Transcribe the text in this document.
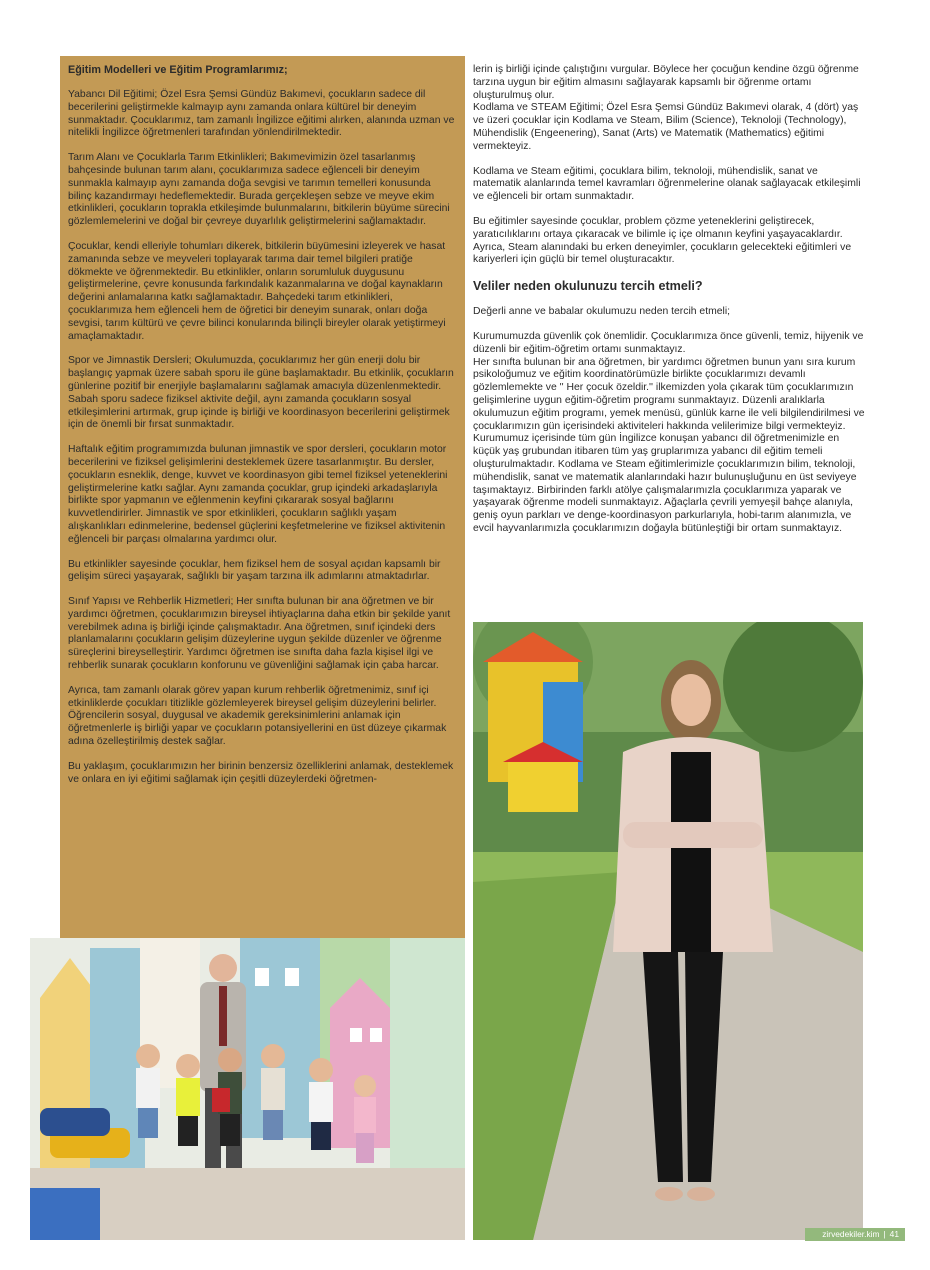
Eğitim Modelleri ve Eğitim Programlarımız;

Yabancı Dil Eğitimi; Özel Esra Şemsi Gündüz Bakımevi, çocukların sadece dil becerilerini geliştirmekle kalmayıp aynı zamanda onlara kültürel bir deneyim sunmaktadır. Çocuklarımız, tam zamanlı İngilizce eğitimi alırken, alanında uzman ve nitelikli İngilizce öğretmenleri tarafından yönlendirilmektedir.

Tarım Alanı ve Çocuklarla Tarım Etkinlikleri; Bakımevimizin özel tasarlanmış bahçesinde bulunan tarım alanı, çocuklarımıza sadece eğlenceli bir deneyim sunmakla kalmayıp aynı zamanda doğa sevgisi ve tarımın temelleri konusunda bilinç kazandırmayı hedeflemektedir. Burada gerçekleşen sebze ve meyve ekim etkinlikleri, çocukların toprakla etkileşimde bulunmalarını, bitkilerin büyüme sürecini gözlemlemelerini ve doğal bir çevreye duyarlılık geliştirmelerini sağlamaktadır.

Çocuklar, kendi elleriyle tohumları dikerek, bitkilerin büyümesini izleyerek ve hasat zamanında sebze ve meyveleri toplayarak tarıma dair temel bilgileri pratiğe dökmekte ve öğrenmektedir. Bu etkinlikler, onların sorumluluk duygusunu geliştirmelerine, çevre konusunda farkındalık kazanmalarına ve doğal kaynakların değerini anlamalarına katkı sağlamaktadır. Bahçedeki tarım etkinlikleri, çocuklarımıza hem eğlenceli hem de öğretici bir deneyim sunarak, onları doğa sevgisi, tarım kültürü ve çevre bilinci konularında bilinçli bireyler olarak yetiştirmeyi amaçlamaktadır.

Spor ve Jimnastik Dersleri; Okulumuzda, çocuklarımız her gün enerji dolu bir başlangıç yapmak üzere sabah sporu ile güne başlamaktadır. Bu etkinlik, çocukların günlerine pozitif bir enerjiyle başlamalarını sağlamak amacıyla düzenlenmektedir. Sabah sporu sadece fiziksel aktivite değil, aynı zamanda çocukların sosyal etkileşimlerini artırmak, grup içinde iş birliği ve koordinasyon becerilerini geliştirmek için de önemli bir fırsat sunmaktadır.

Haftalık eğitim programımızda bulunan jimnastik ve spor dersleri, çocukların motor becerilerini ve fiziksel gelişimlerini desteklemek üzere tasarlanmıştır. Bu dersler, çocukların esneklik, denge, kuvvet ve koordinasyon gibi temel fiziksel yeteneklerini geliştirmelerine katkı sağlar. Aynı zamanda çocuklar, grup içindeki arkadaşlarıyla birlikte spor yapmanın ve eğlenmenin keyfini çıkararak sosyal bağlarını kuvvetlendirirler. Jimnastik ve spor etkinlikleri, çocukların sağlıklı yaşam alışkanlıkları edinmelerine, bedensel güçlerini keşfetmelerine ve fiziksel aktivitenin eğlenceli bir parçası olmalarına yardımcı olur.

Bu etkinlikler sayesinde çocuklar, hem fiziksel hem de sosyal açıdan kapsamlı bir gelişim süreci yaşayarak, sağlıklı bir yaşam tarzına ilk adımlarını atmaktadırlar.

Sınıf Yapısı ve Rehberlik Hizmetleri; Her sınıfta bulunan bir ana öğretmen ve bir yardımcı öğretmen, çocuklarımızın bireysel ihtiyaçlarına daha etkin bir şekilde yanıt verebilmek adına iş birliği içinde çalışmaktadır. Ana öğretmen, sınıf içindeki ders planlamalarını çocukların gelişim düzeylerine uygun şekilde düzenler ve öğrenme süreçlerini bireyselleştirir. Yardımcı öğretmen ise sınıfta daha fazla kişisel ilgi ve rehberlik sunarak çocukların konforunu ve güvenliğini sağlamak için çaba harcar.

Ayrıca, tam zamanlı olarak görev yapan kurum rehberlik öğretmenimiz, sınıf içi etkinliklerde çocukları titizlikle gözlemleyerek bireysel gelişim düzeylerini belirler. Öğrencilerin sosyal, duygusal ve akademik gereksinimlerini anlamak için öğretmenlerle iş birliği yapar ve çocukların potansiyellerini en üst düzeye çıkarmak adına özelleştirilmiş destek sağlar.

Bu yaklaşım, çocuklarımızın her birinin benzersiz özelliklerini anlamak, desteklemek ve onlara en iyi eğitimi sağlamak için çeşitli düzeylerdeki öğretmen-

lerin iş birliği içinde çalıştığını vurgular. Böylece her çocuğun kendine özgü öğrenme tarzına uygun bir eğitim almasını sağlayarak kapsamlı bir öğrenme ortamı oluşturulmuş olur.

Kodlama ve STEAM Eğitimi; Özel Esra Şemsi Gündüz Bakımevi olarak, 4 (dört) yaş ve üzeri çocuklar için Kodlama ve Steam, Bilim (Science), Teknoloji (Technology), Mühendislik (Engeenering), Sanat (Arts) ve Matematik (Mathematics) eğitimi vermekteyiz.

Kodlama ve Steam eğitimi, çocuklara bilim, teknoloji, mühendislik, sanat ve matematik alanlarında temel kavramları öğrenmelerine olanak sağlayacak etkileşimli ve eğlenceli bir ortam sunmaktadır.

Bu eğitimler sayesinde çocuklar, problem çözme yeteneklerini geliştirecek, yaratıcılıklarını ortaya çıkaracak ve bilimle iç içe olmanın keyfini yaşayacaklardır. Ayrıca, Steam alanındaki bu erken deneyimler, çocukların gelecekteki eğitimleri ve kariyerleri için güçlü bir temel oluşturacaktır.

Veliler neden okulunuzu tercih etmeli?

Değerli anne ve babalar okulumuzu neden tercih etmeli;

Kurumumuzda güvenlik çok önemlidir. Çocuklarımıza önce güvenli, temiz, hijyenik ve düzenli bir eğitim-öğretim ortamı sunmaktayız.

Her sınıfta bulunan bir ana öğretmen, bir yardımcı öğretmen bunun yanı sıra kurum psikoloğumuz ve eğitim koordinatörümüzle birlikte çocuklarımızı devamlı gözlemlemekte ve '' Her çocuk özeldir.'' ilkemizden yola çıkarak tüm çocuklarımızın gelişimlerine uygun eğitim-öğretim programı sunmaktayız. Düzenli aralıklarla okulumuzun eğitim programı, yemek menüsü, günlük karne ile veli bilgilendirilmesi ve çocuklarımızın gün içerisindeki aktiviteleri hakkında velilerimize bilgi vermekteyiz. Kurumumuz içerisinde tüm gün İngilizce konuşan yabancı dil öğretmenimizle en küçük yaş grubundan itibaren tüm yaş gruplarımıza yabancı dil eğitim temeli oluşturulmaktadır. Kodlama ve Steam eğitimlerimizle çocuklarımızın bilim, teknoloji, mühendislik, sanat ve matematik alanlarındaki hazır bulunuşluğunu en üst seviyeye taşımaktayız. Birbirinden farklı atölye çalışmalarımızla çocuklarımıza yaparak ve yaşayarak öğrenme modeli sunmaktayız. Ağaçlarla çevrili yemyeşil bahçe alanıyla, geniş oyun parkları ve denge-koordinasyon parkurlarıyla, hobi-tarım alanımızla, ve evcil hayvanlarımızla çocuklarımızın doğayla bütünleştiği bir ortam sunmaktayız.

zirvedekiler.kim | 41
